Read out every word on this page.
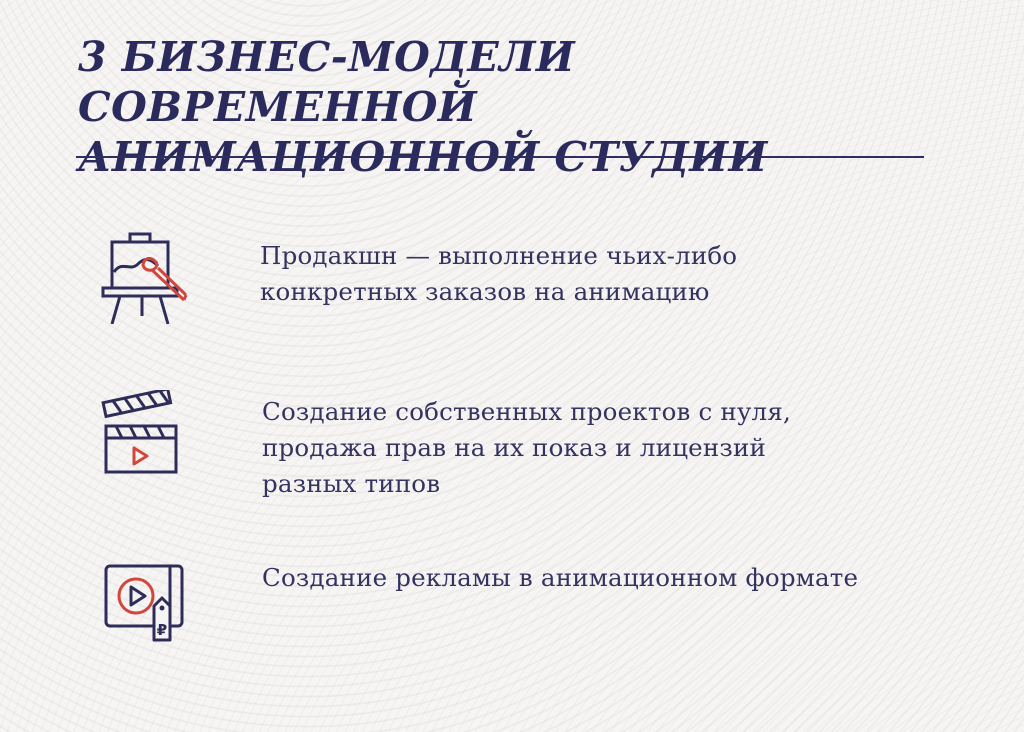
3 БИЗНЕС-МОДЕЛИ СОВРЕМЕННОЙ АНИМАЦИОННОЙ СТУДИИ
Продакшн — выполнение чьих-либо конкретных заказов на анимацию
Создание собственных проектов с нуля, продажа прав на их показ и лицензий разных типов
₽
Создание рекламы в анимационном формате
